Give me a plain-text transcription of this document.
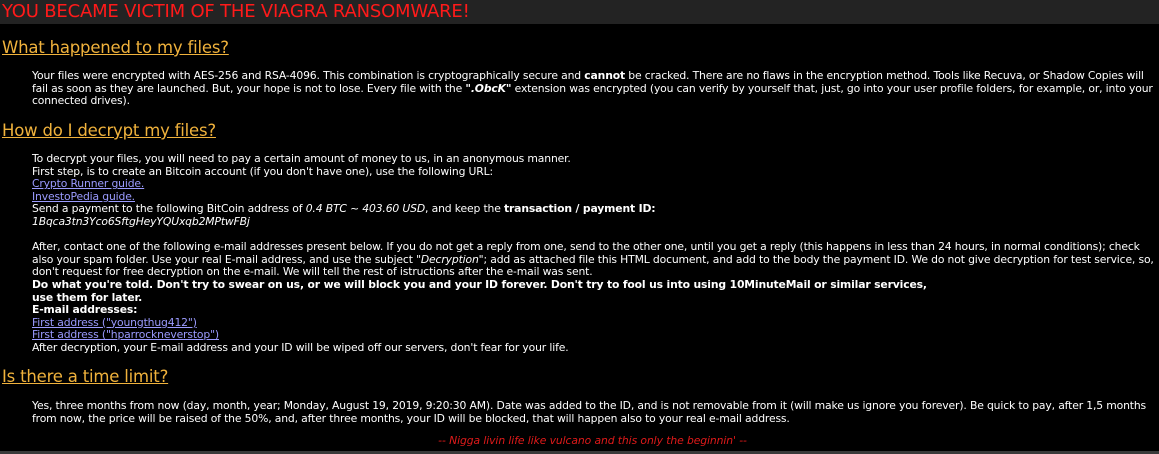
YOU BECAME VICTIM OF THE VIAGRA RANSOMWARE!
What happened to my files?
Your files were encrypted with AES-256 and RSA-4096. This combination is cryptographically secure and cannot be cracked. There are no flaws in the encryption method. Tools like Recuva, or Shadow Copies will
fail as soon as they are launched. But, your hope is not to lose. Every file with the ".ObcK" extension was encrypted (you can verify by yourself that, just, go into your user profile folders, for example, or, into your
connected drives).
How do I decrypt my files?
To decrypt your files, you will need to pay a certain amount of money to us, in an anonymous manner.
First step, is to create an Bitcoin account (if you don't have one), use the following URL:
Crypto Runner guide.
InvestoPedia guide.
Send a payment to the following BitCoin address of 0.4 BTC ~ 403.60 USD, and keep the transaction / payment ID:
1Bqca3tn3Yco6SftgHeyYQUxqb2MPtwFBj
After, contact one of the following e-mail addresses present below. If you do not get a reply from one, send to the other one, until you get a reply (this happens in less than 24 hours, in normal conditions); check
also your spam folder. Use your real E-mail address, and use the subject "Decryption"; add as attached file this HTML document, and add to the body the payment ID. We do not give decryption for test service, so,
don't request for free decryption on the e-mail. We will tell the rest of istructions after the e-mail was sent.
Do what you're told. Don't try to swear on us, or we will block you and your ID forever. Don't try to fool us into using 10MinuteMail or similar services,
use them for later.
E-mail addresses:
First address ("youngthug412")
First address ("hparrockneverstop")
After decryption, your E-mail address and your ID will be wiped off our servers, don't fear for your life.
Is there a time limit?
Yes, three months from now (day, month, year; Monday, August 19, 2019, 9:20:30 AM). Date was added to the ID, and is not removable from it (will make us ignore you forever). Be quick to pay, after 1,5 months
from now, the price will be raised of the 50%, and, after three months, your ID will be blocked, that will happen also to your real e-mail address.
-- Nigga livin life like vulcano and this only the beginnin' --
